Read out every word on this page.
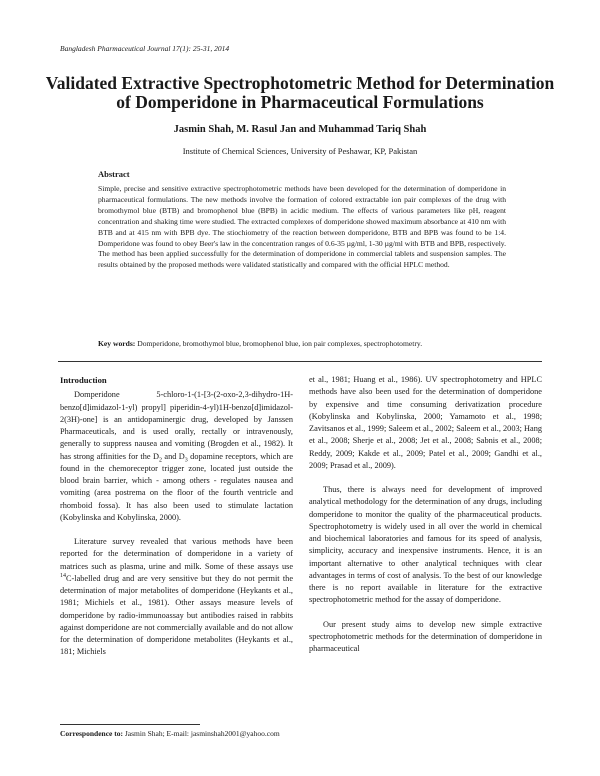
Bangladesh Pharmaceutical Journal 17(1): 25-31, 2014
Validated Extractive Spectrophotometric Method for Determination of Domperidone in Pharmaceutical Formulations
Jasmin Shah, M. Rasul Jan and Muhammad Tariq Shah
Institute of Chemical Sciences, University of Peshawar, KP, Pakistan
Abstract
Simple, precise and sensitive extractive spectrophotometric methods have been developed for the determination of domperidone in pharmaceutical formulations. The new methods involve the formation of colored extractable ion pair complexes of the drug with bromothymol blue (BTB) and bromophenol blue (BPB) in acidic medium. The effects of various parameters like pH, reagent concentration and shaking time were studied. The extracted complexes of domperidone showed maximum absorbance at 410 nm with BTB and at 415 nm with BPB dye. The stiochiometry of the reaction between domperidone, BTB and BPB was found to be 1:4. Domperidone was found to obey Beer's law in the concentration ranges of 0.6-35 µg/ml, 1-30 µg/ml with BTB and BPB, respectively. The method has been applied successfully for the determination of domperidone in commercial tablets and suspension samples. The results obtained by the proposed methods were validated statistically and compared with the official HPLC method.
Key words: Domperidone, bromothymol blue, bromophenol blue, ion pair complexes, spectrophotometry.
Introduction

Domperidone 5-chloro-1-(1-[3-(2-oxo-2,3-dihydro-1H-benzo[d]imidazol-1-yl) propyl] piperidin-4-yl)1H-benzo[d]imidazol-2(3H)-one] is an antidopaminergic drug, developed by Janssen Pharmaceuticals, and is used orally, rectally or intravenously, generally to suppress nausea and vomiting (Brogden et al., 1982). It has strong affinities for the $D_2$ and $D_3$ dopamine receptors, which are found in the chemoreceptor trigger zone, located just outside the blood brain barrier, which - among others - regulates nausea and vomiting (area postrema on the floor of the fourth ventricle and rhomboid fossa). It has also been used to stimulate lactation (Kobylinska and Kobylinska, 2000).

Literature survey revealed that various methods have been reported for the determination of domperidone in a variety of matrices such as plasma, urine and milk. Some of these assays use $^{14}$C-labelled drug and are very sensitive but they do not permit the determination of major metabolites of domperidone (Heykants et al., 1981; Michiels et al., 1981). Other assays measure levels of domperidone by radio-immunoassay but antibodies raised in rabbits against domperidone are not commercially available and do not allow for the determination of domperidone metabolites (Heykants et al., 181; Michiels

et al., 1981; Huang et al., 1986). UV spectrophotometry and HPLC methods have also been used for the determination of domperidone by expensive and time consuming derivatization procedure (Kobylinska and Kobylinska, 2000; Yamamoto et al., 1998; Zavitsanos et al., 1999; Saleem et al., 2002; Saleem et al., 2003; Hang et al., 2008; Sherje et al., 2008; Jet et al., 2008; Sabnis et al., 2008; Reddy, 2009; Kakde et al., 2009; Patel et al., 2009; Gandhi et al., 2009; Prasad et al., 2009).

Thus, there is always need for development of improved analytical methodology for the determination of any drugs, including domperidone to monitor the quality of the pharmaceutical products. Spectrophotometry is widely used in all over the world in chemical and biochemical laboratories and famous for its speed of analysis, simplicity, accuracy and inexpensive instruments. Hence, it is an important alternative to other analytical techniques with clear advantages in terms of cost of analysis. To the best of our knowledge there is no report available in literature for the extractive spectrophotometric method for the assay of domperidone.

Our present study aims to develop new simple extractive spectrophotometric methods for the determination of domperidone in pharmaceutical

Correspondence to: Jasmin Shah; E-mail: jasminshah2001@yahoo.com
